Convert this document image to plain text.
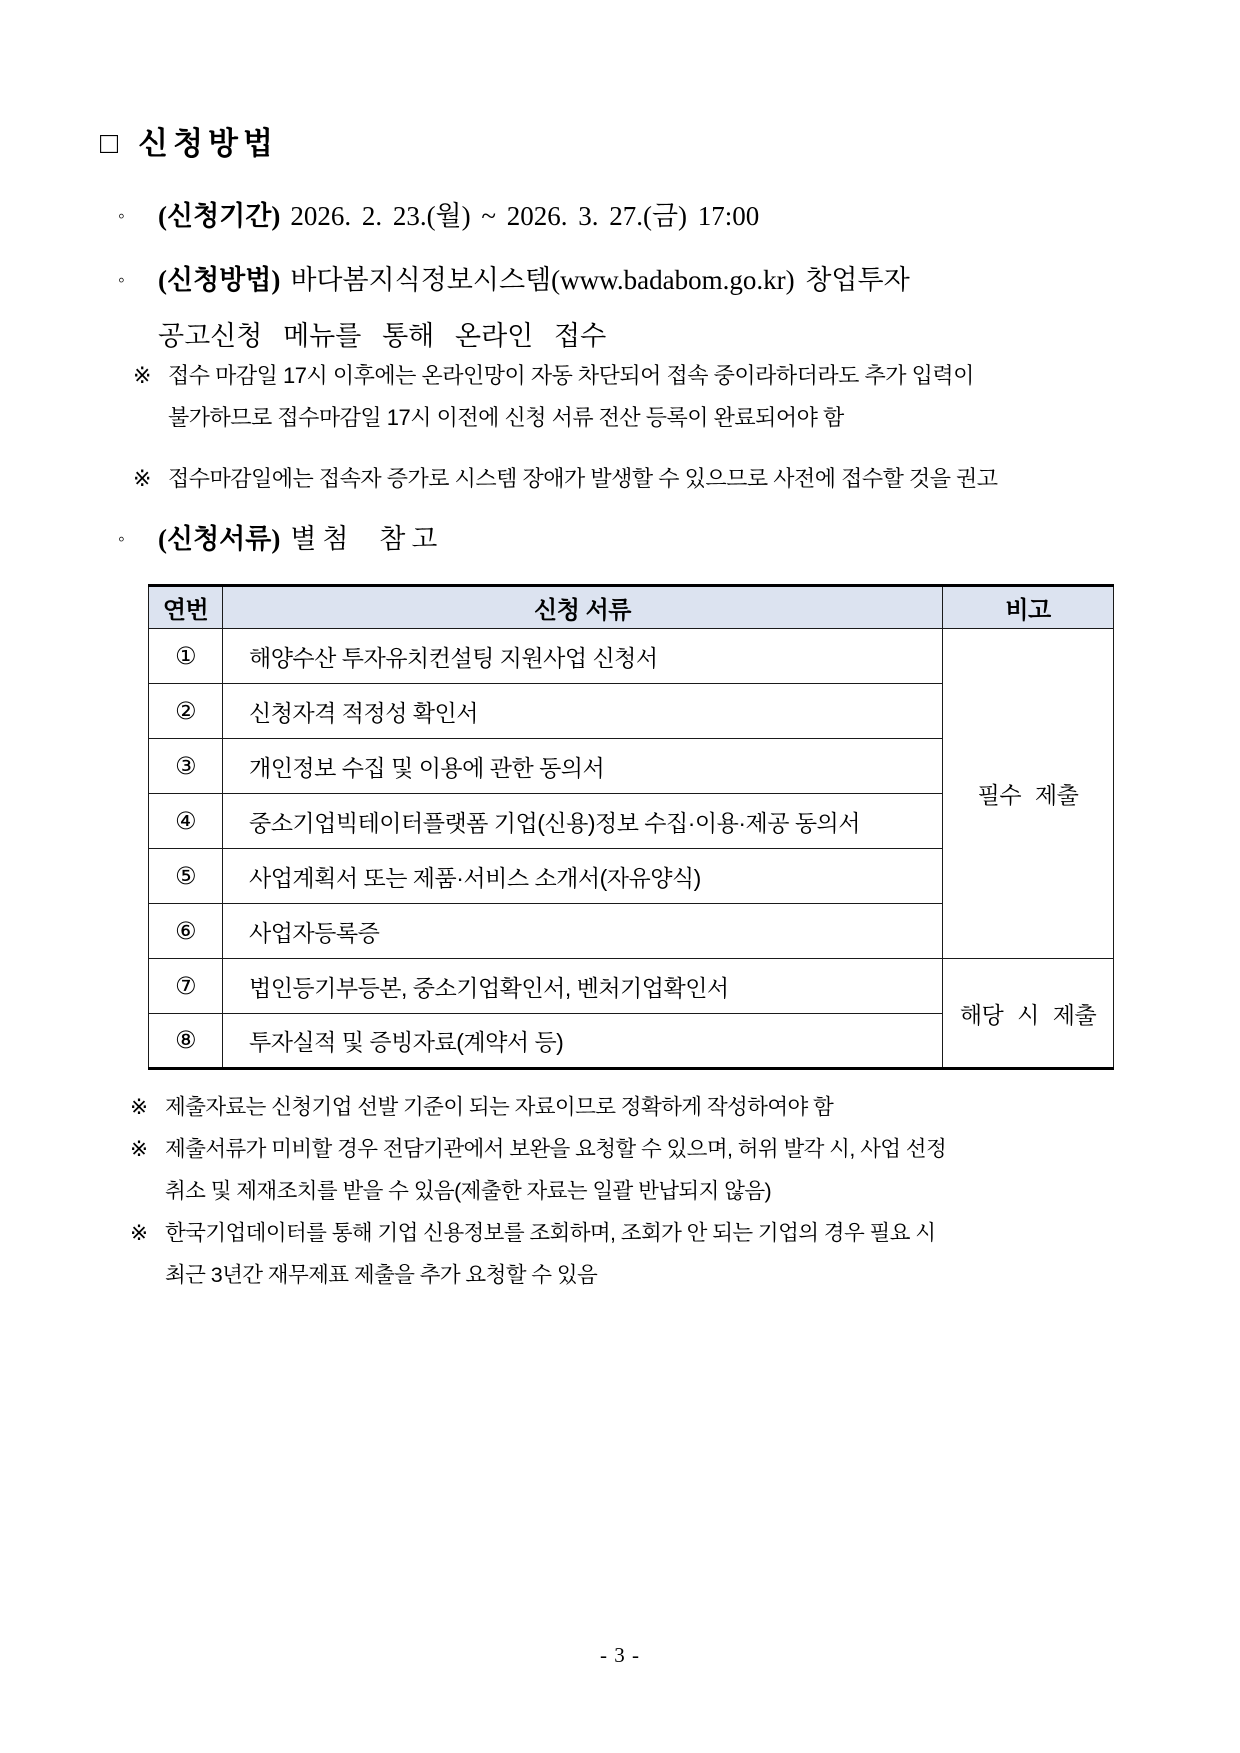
□ 신청방법
◦ (신청기간) 2026. 2. 23.(월) ~ 2026. 3. 27.(금) 17:00
◦ (신청방법) 바다봄지식정보시스템(www.badabom.go.kr) 창업투자
공고신청 메뉴를 통해 온라인 접수
※ 접수 마감일 17시 이후에는 온라인망이 자동 차단되어 접속 중이라하더라도 추가 입력이
불가하므로 접수마감일 17시 이전에 신청 서류 전산 등록이 완료되어야 함
※ 접수마감일에는 접속자 증가로 시스템 장애가 발생할 수 있으므로 사전에 접수할 것을 권고
◦ (신청서류) 별첨 참고
연번	신청 서류	비고
①	해양수산 투자유치컨설팅 지원사업 신청서	필수 제출
②	신청자격 적정성 확인서	
③	개인정보 수집 및 이용에 관한 동의서	
④	중소기업빅테이터플랫폼 기업(신용)정보 수집·이용·제공 동의서	
⑤	사업계획서 또는 제품·서비스 소개서(자유양식)	
⑥	사업자등록증	
⑦	법인등기부등본, 중소기업확인서, 벤처기업확인서	해당 시 제출
⑧	투자실적 및 증빙자료(계약서 등)	
※ 제출자료는 신청기업 선발 기준이 되는 자료이므로 정확하게 작성하여야 함
※ 제출서류가 미비할 경우 전담기관에서 보완을 요청할 수 있으며, 허위 발각 시, 사업 선정
취소 및 제재조치를 받을 수 있음(제출한 자료는 일괄 반납되지 않음)
※ 한국기업데이터를 통해 기업 신용정보를 조회하며, 조회가 안 되는 기업의 경우 필요 시
최근 3년간 재무제표 제출을 추가 요청할 수 있음
- 3 -
